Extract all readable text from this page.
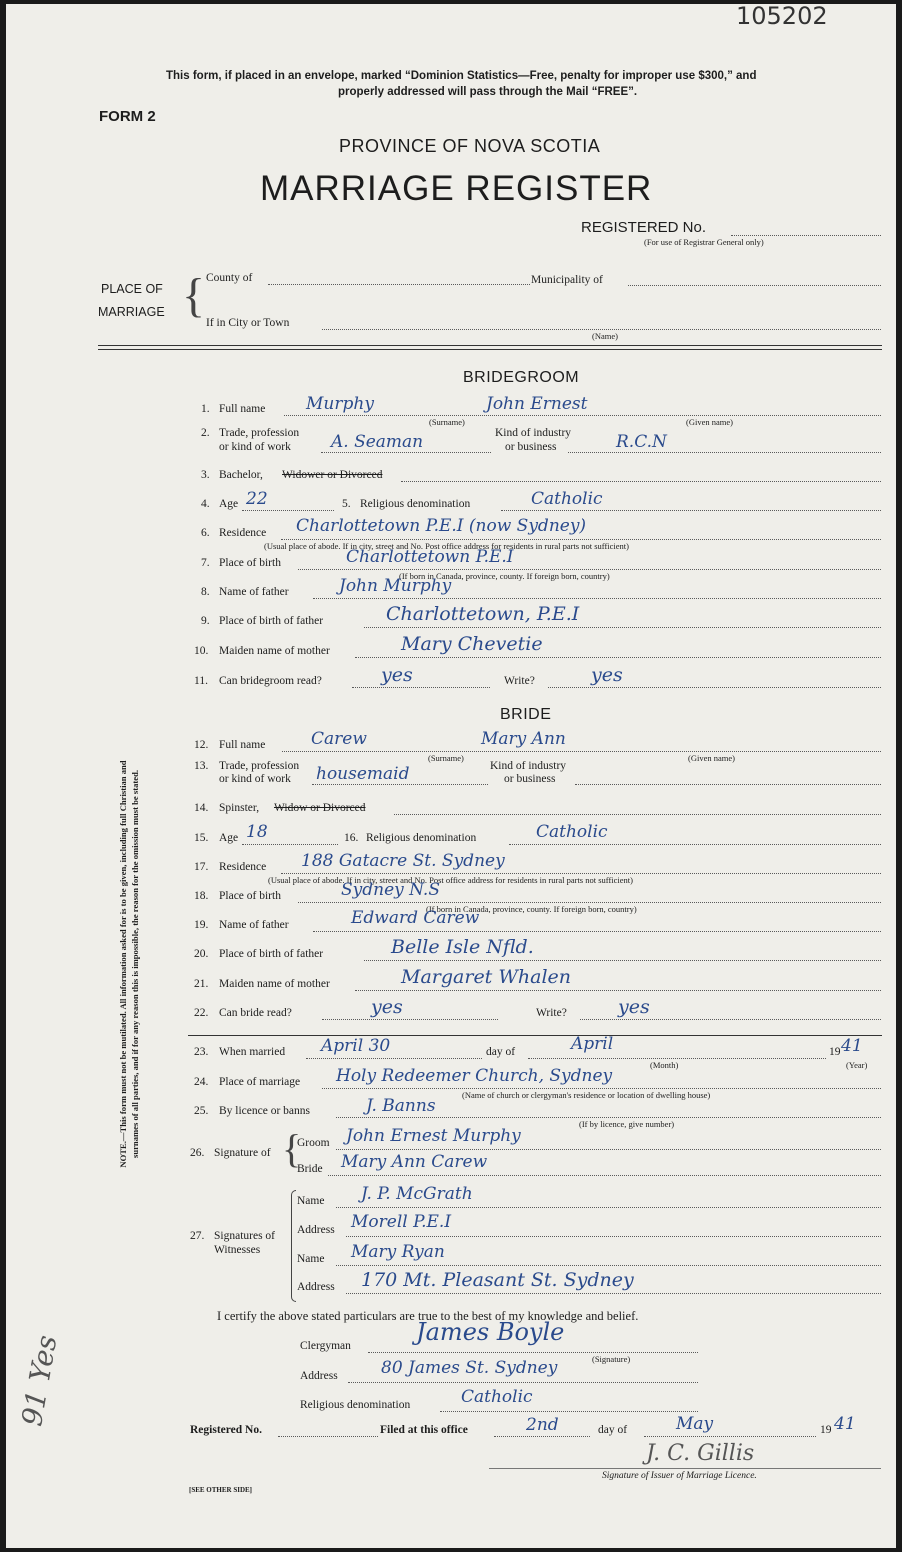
105202
This form, if placed in an envelope, marked “Dominion Statistics—Free, penalty for improper use $300,” and
properly addressed will pass through the Mail “FREE”.
FORM 2
PROVINCE OF NOVA SCOTIA
MARRIAGE REGISTER
REGISTERED No.
(For use of Registrar General only)
PLACE OF
MARRIAGE { County of	Municipality of
If in City or Town
(Name)
NOTE.—This form must not be mutilated. All information asked for is to be given, including full Christian and surnames of all parties, and if for any reason this is impossible, the reason for the omission must be stated.
91 Yes
BRIDEGROOM
1. Full name Murphy	John Ernest
(Surname)	(Given name)
2. Trade, profession
or kind of work A. Seaman	Kind of industry
or business	R.C.N
3. Bachelor, Widower or Divorced
4. Age 22	5. Religious denomination	Catholic
6. Residence Charlottetown P.E.I (now Sydney)
(Usual place of abode. If in city, street and No. Post office address for residents in rural parts not sufficient)
7. Place of birth	Charlottetown P.E.I
(If born in Canada, province, county. If foreign born, country)
8. Name of father	John Murphy
9. Place of birth of father	Charlottetown, P.E.I
10. Maiden name of mother	Mary Chevetie
11. Can bridegroom read?	yes	Write?	yes
BRIDE
12. Full name	Carew	Mary Ann
(Surname)	(Given name)
13. Trade, profession
or kind of work housemaid	Kind of industry
or business
14. Spinster, Widow or Divorced
15. Age 18	16. Religious denomination	Catholic
17. Residence 188 Gatacre St. Sydney
(Usual place of abode. If in city, street and No. Post office address for residents in rural parts not sufficient)
18. Place of birth	Sydney N.S
(If born in Canada, province, county. If foreign born, country)
19. Name of father	Edward Carew
20. Place of birth of father	Belle Isle Nfld.
21. Maiden name of mother	Margaret Whalen
22. Can bride read?	yes	Write?	yes
23. When married April 30	day of	April
(Month)
19 41
(Year)
24. Place of marriage Holy Redeemer Church, Sydney
(Name of church or clergyman's residence or location of dwelling house)
25. By licence or banns	J. Banns
(If by licence, give number)
26. Signature of {
Groom John Ernest Murphy
Bride Mary Ann Carew
27. Signatures of
Witnesses
Name J. P. McGrath
Address Morell P.E.I
Name Mary Ryan
Address 170 Mt. Pleasant St. Sydney
I certify the above stated particulars are true to the best of my knowledge and belief.
Clergyman	James Boyle
(Signature)
Address	80 James St. Sydney
Religious denomination	Catholic
Registered No.	Filed at this office	2nd	day of	May	19 41
J. C. Gillis
Signature of Issuer of Marriage Licence.
[SEE OTHER SIDE]
